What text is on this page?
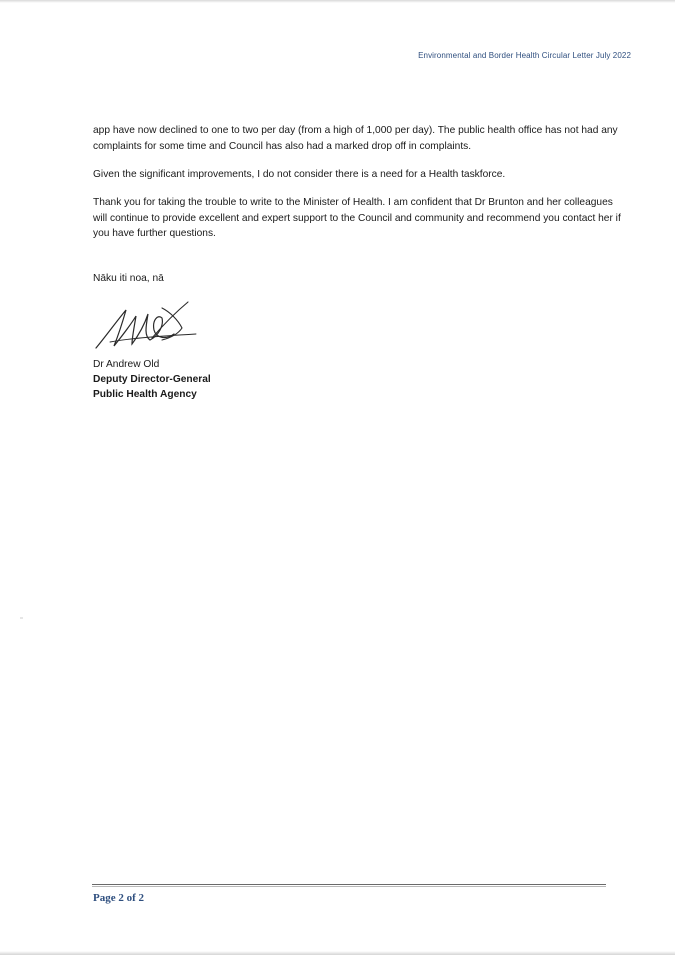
Environmental and Border Health Circular Letter July 2022

app have now declined to one to two per day (from a high of 1,000 per day). The public health office has not had any complaints for some time and Council has also had a marked drop off in complaints.

Given the significant improvements, I do not consider there is a need for a Health taskforce.

Thank you for taking the trouble to write to the Minister of Health. I am confident that Dr Brunton and her colleagues will continue to provide excellent and expert support to the Council and community and recommend you contact her if you have further questions.

Nāku iti noa, nā

Dr Andrew Old
Deputy Director-General
Public Health Agency
Page 2 of 2
